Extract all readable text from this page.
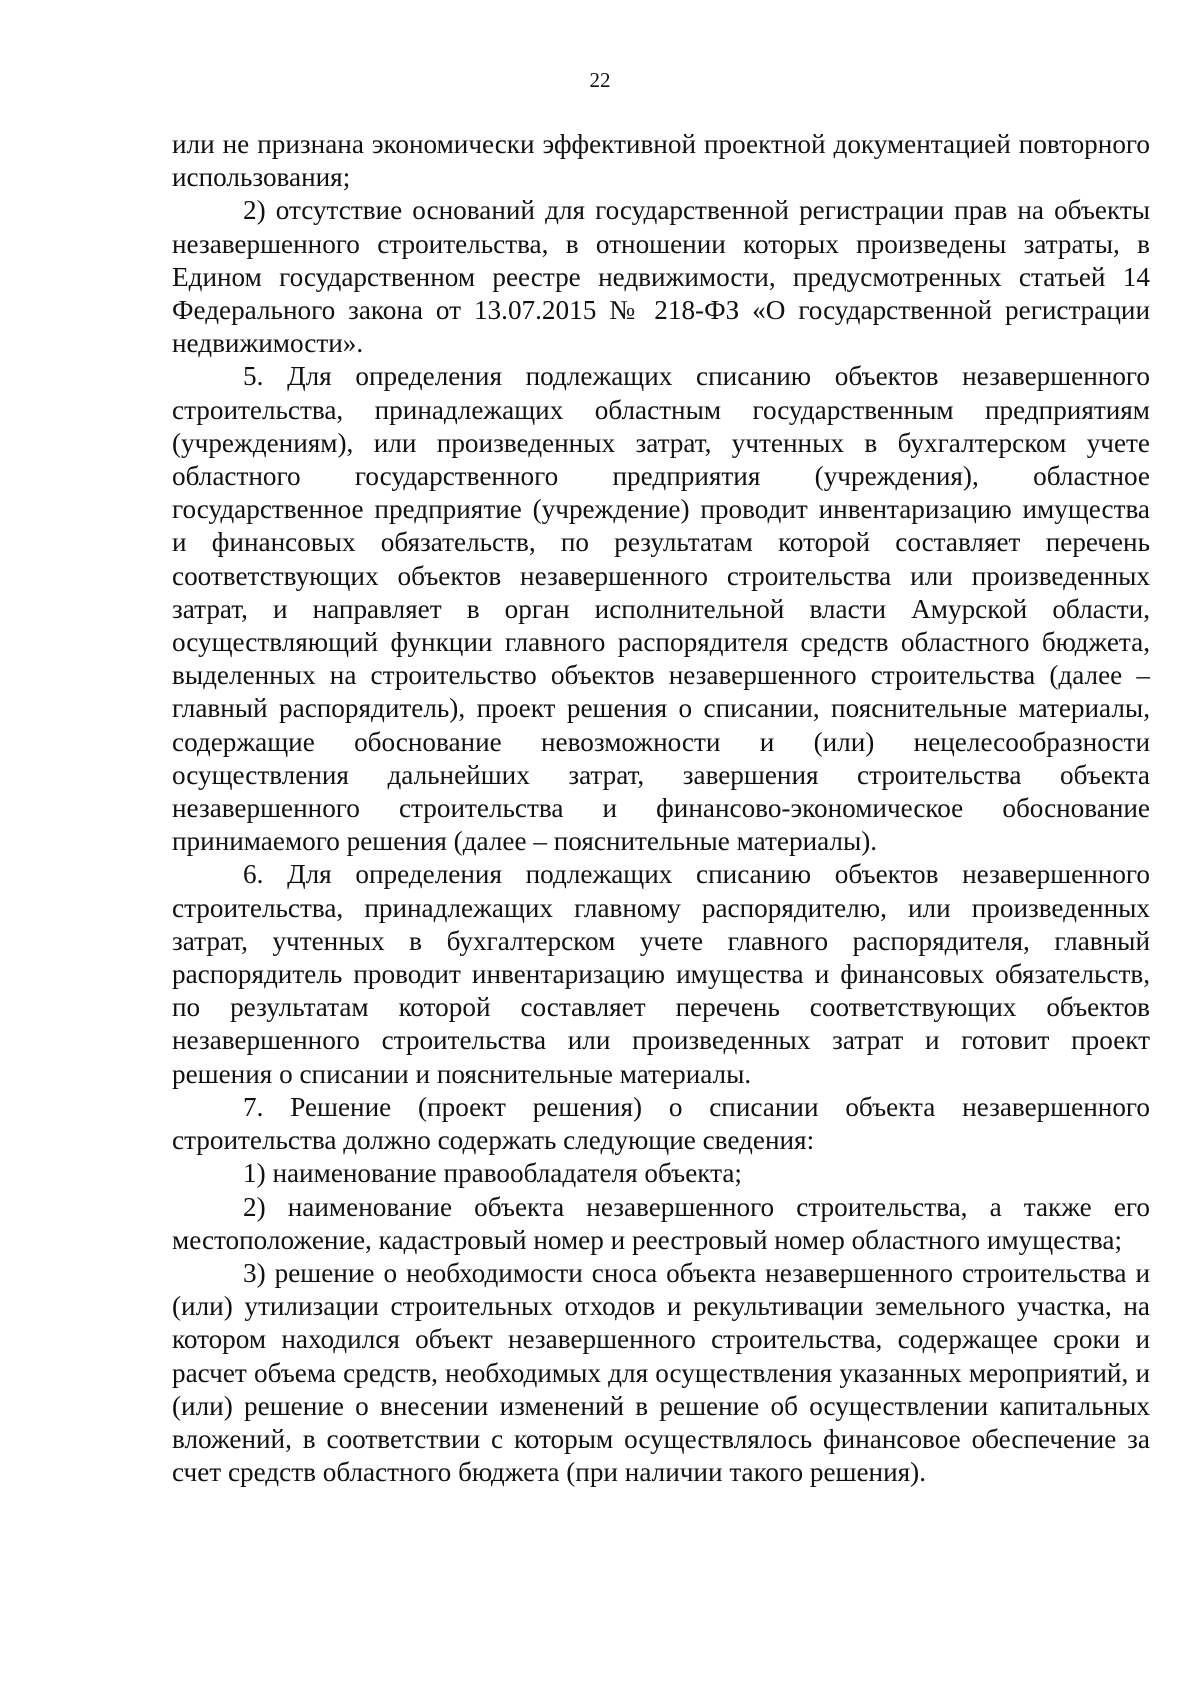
22

или не признана экономически эффективной проектной документацией повторного использования;

2) отсутствие оснований для государственной регистрации прав на объекты незавершенного строительства, в отношении которых произведены затраты, в Едином государственном реестре недвижимости, предусмотренных статьей 14 Федерального закона от 13.07.2015 № 218-ФЗ «О государственной регистрации недвижимости».

5. Для определения подлежащих списанию объектов незавершенного строительства, принадлежащих областным государственным предприятиям (учреждениям), или произведенных затрат, учтенных в бухгалтерском учете областного государственного предприятия (учреждения), областное государственное предприятие (учреждение) проводит инвентаризацию имущества и финансовых обязательств, по результатам которой составляет перечень соответствующих объектов незавершенного строительства или произведенных затрат, и направляет в орган исполнительной власти Амурской области, осуществляющий функции главного распорядителя средств областного бюджета, выделенных на строительство объектов незавершенного строительства (далее – главный распорядитель), проект решения о списании, пояснительные материалы, содержащие обоснование невозможности и (или) нецелесообразности осуществления дальнейших затрат, завершения строительства объекта незавершенного строительства и финансово-экономическое обоснование принимаемого решения (далее – пояснительные материалы).

6. Для определения подлежащих списанию объектов незавершенного строительства, принадлежащих главному распорядителю, или произведенных затрат, учтенных в бухгалтерском учете главного распорядителя, главный распорядитель проводит инвентаризацию имущества и финансовых обязательств, по результатам которой составляет перечень соответствующих объектов незавершенного строительства или произведенных затрат и готовит проект решения о списании и пояснительные материалы.

7. Решение (проект решения) о списании объекта незавершенного строительства должно содержать следующие сведения:

1) наименование правообладателя объекта;

2) наименование объекта незавершенного строительства, а также его местоположение, кадастровый номер и реестровый номер областного имущества;

3) решение о необходимости сноса объекта незавершенного строительства и (или) утилизации строительных отходов и рекультивации земельного участка, на котором находился объект незавершенного строительства, содержащее сроки и расчет объема средств, необходимых для осуществления указанных мероприятий, и (или) решение о внесении изменений в решение об осуществлении капитальных вложений, в соответствии с которым осуществлялось финансовое обеспечение за счет средств областного бюджета (при наличии такого решения).
